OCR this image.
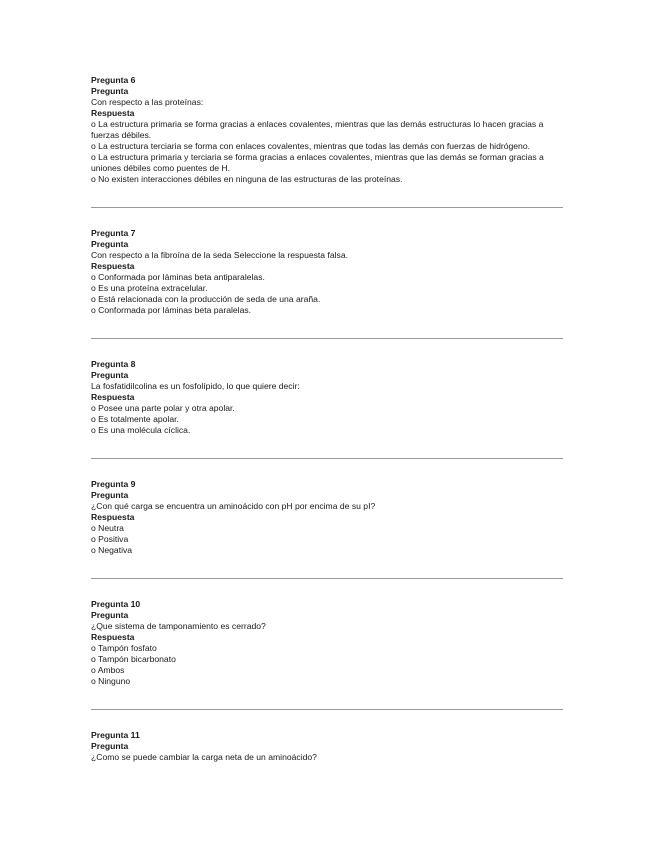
Pregunta 6
Pregunta
Con respecto a las proteínas:
Respuesta
o La estructura primaria se forma gracias a enlaces covalentes, mientras que las demás estructuras lo hacen gracias a fuerzas débiles.
o La estructura terciaria se forma con enlaces covalentes, mientras que todas las demás con fuerzas de hidrógeno.
o La estructura primaria y terciaria se forma gracias a enlaces covalentes, mientras que las demás se forman gracias a uniones débiles como puentes de H.
o No existen interacciones débiles en ninguna de las estructuras de las proteínas.
Pregunta 7
Pregunta
Con respecto a la fibroína de la seda Seleccione la respuesta falsa.
Respuesta
o Conformada por láminas beta antiparalelas.
o Es una proteína extracelular.
o Está relacionada con la producción de seda de una araña.
o Conformada por láminas beta paralelas.
Pregunta 8
Pregunta
La fosfatidilcolina es un fosfolípido, lo que quiere decir:
Respuesta
o Posee una parte polar y otra apolar.
o Es totalmente apolar.
o Es una molécula cíclica.
Pregunta 9
Pregunta
¿Con qué carga se encuentra un aminoácido con pH por encima de su pI?
Respuesta
o Neutra
o Positiva
o Negativa
Pregunta 10
Pregunta
¿Que sistema de tamponamiento es cerrado?
Respuesta
o Tampón fosfato
o Tampón bicarbonato
o Ambos
o Ninguno
Pregunta 11
Pregunta
¿Como se puede cambiar la carga neta de un aminoácido?
